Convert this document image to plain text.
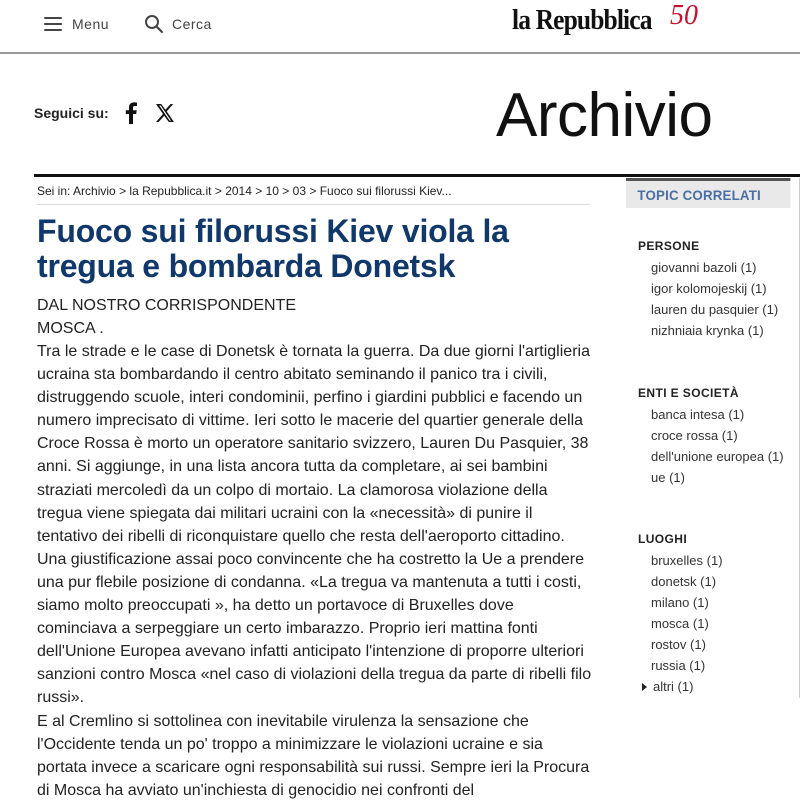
Menu	Cerca	la Repubblica 50
Seguici su:	Archivio
Sei in: Archivio > la Repubblica.it > 2014 > 10 > 03 > Fuoco sui filorussi Kiev...
Fuoco sui filorussi Kiev viola la tregua e bombarda Donetsk
DAL NOSTRO CORRISPONDENTE
MOSCA .

Tra le strade e le case di Donetsk è tornata la guerra. Da due giorni l'artiglieria ucraina sta bombardando il centro abitato seminando il panico tra i civili, distruggendo scuole, interi condominii, perfino i giardini pubblici e facendo un numero imprecisato di vittime. Ieri sotto le macerie del quartier generale della Croce Rossa è morto un operatore sanitario svizzero, Lauren Du Pasquier, 38 anni. Si aggiunge, in una lista ancora tutta da completare, ai sei bambini straziati mercoledì da un colpo di mortaio. La clamorosa violazione della tregua viene spiegata dai militari ucraini con la «necessità» di punire il tentativo dei ribelli di riconquistare quello che resta dell'aeroporto cittadino. Una giustificazione assai poco convincente che ha costretto la Ue a prendere una pur flebile posizione di condanna. «La tregua va mantenuta a tutti i costi, siamo molto preoccupati », ha detto un portavoce di Bruxelles dove cominciava a serpeggiare un certo imbarazzo. Proprio ieri mattina fonti dell'Unione Europea avevano infatti anticipato l'intenzione di proporre ulteriori sanzioni contro Mosca «nel caso di violazioni della tregua da parte di ribelli filo russi».

E al Cremlino si sottolinea con inevitabile virulenza la sensazione che l'Occidente tenda un po' troppo a minimizzare le violazioni ucraine e sia portata invece a scaricare ogni responsabilità sui russi. Sempre ieri la Procura di Mosca ha avviato un'inchiesta di genocidio nei confronti del

TOPIC CORRELATI
PERSONE
giovanni bazoli (1)
igor kolomojeskij (1)
lauren du pasquier (1)
nizhniaia krynka (1)
ENTI E SOCIETÀ
banca intesa (1)
croce rossa (1)
dell'unione europea (1)
ue (1)
LUOGHI
bruxelles (1)
donetsk (1)
milano (1)
mosca (1)
rostov (1)
russia (1)
altri (1)
